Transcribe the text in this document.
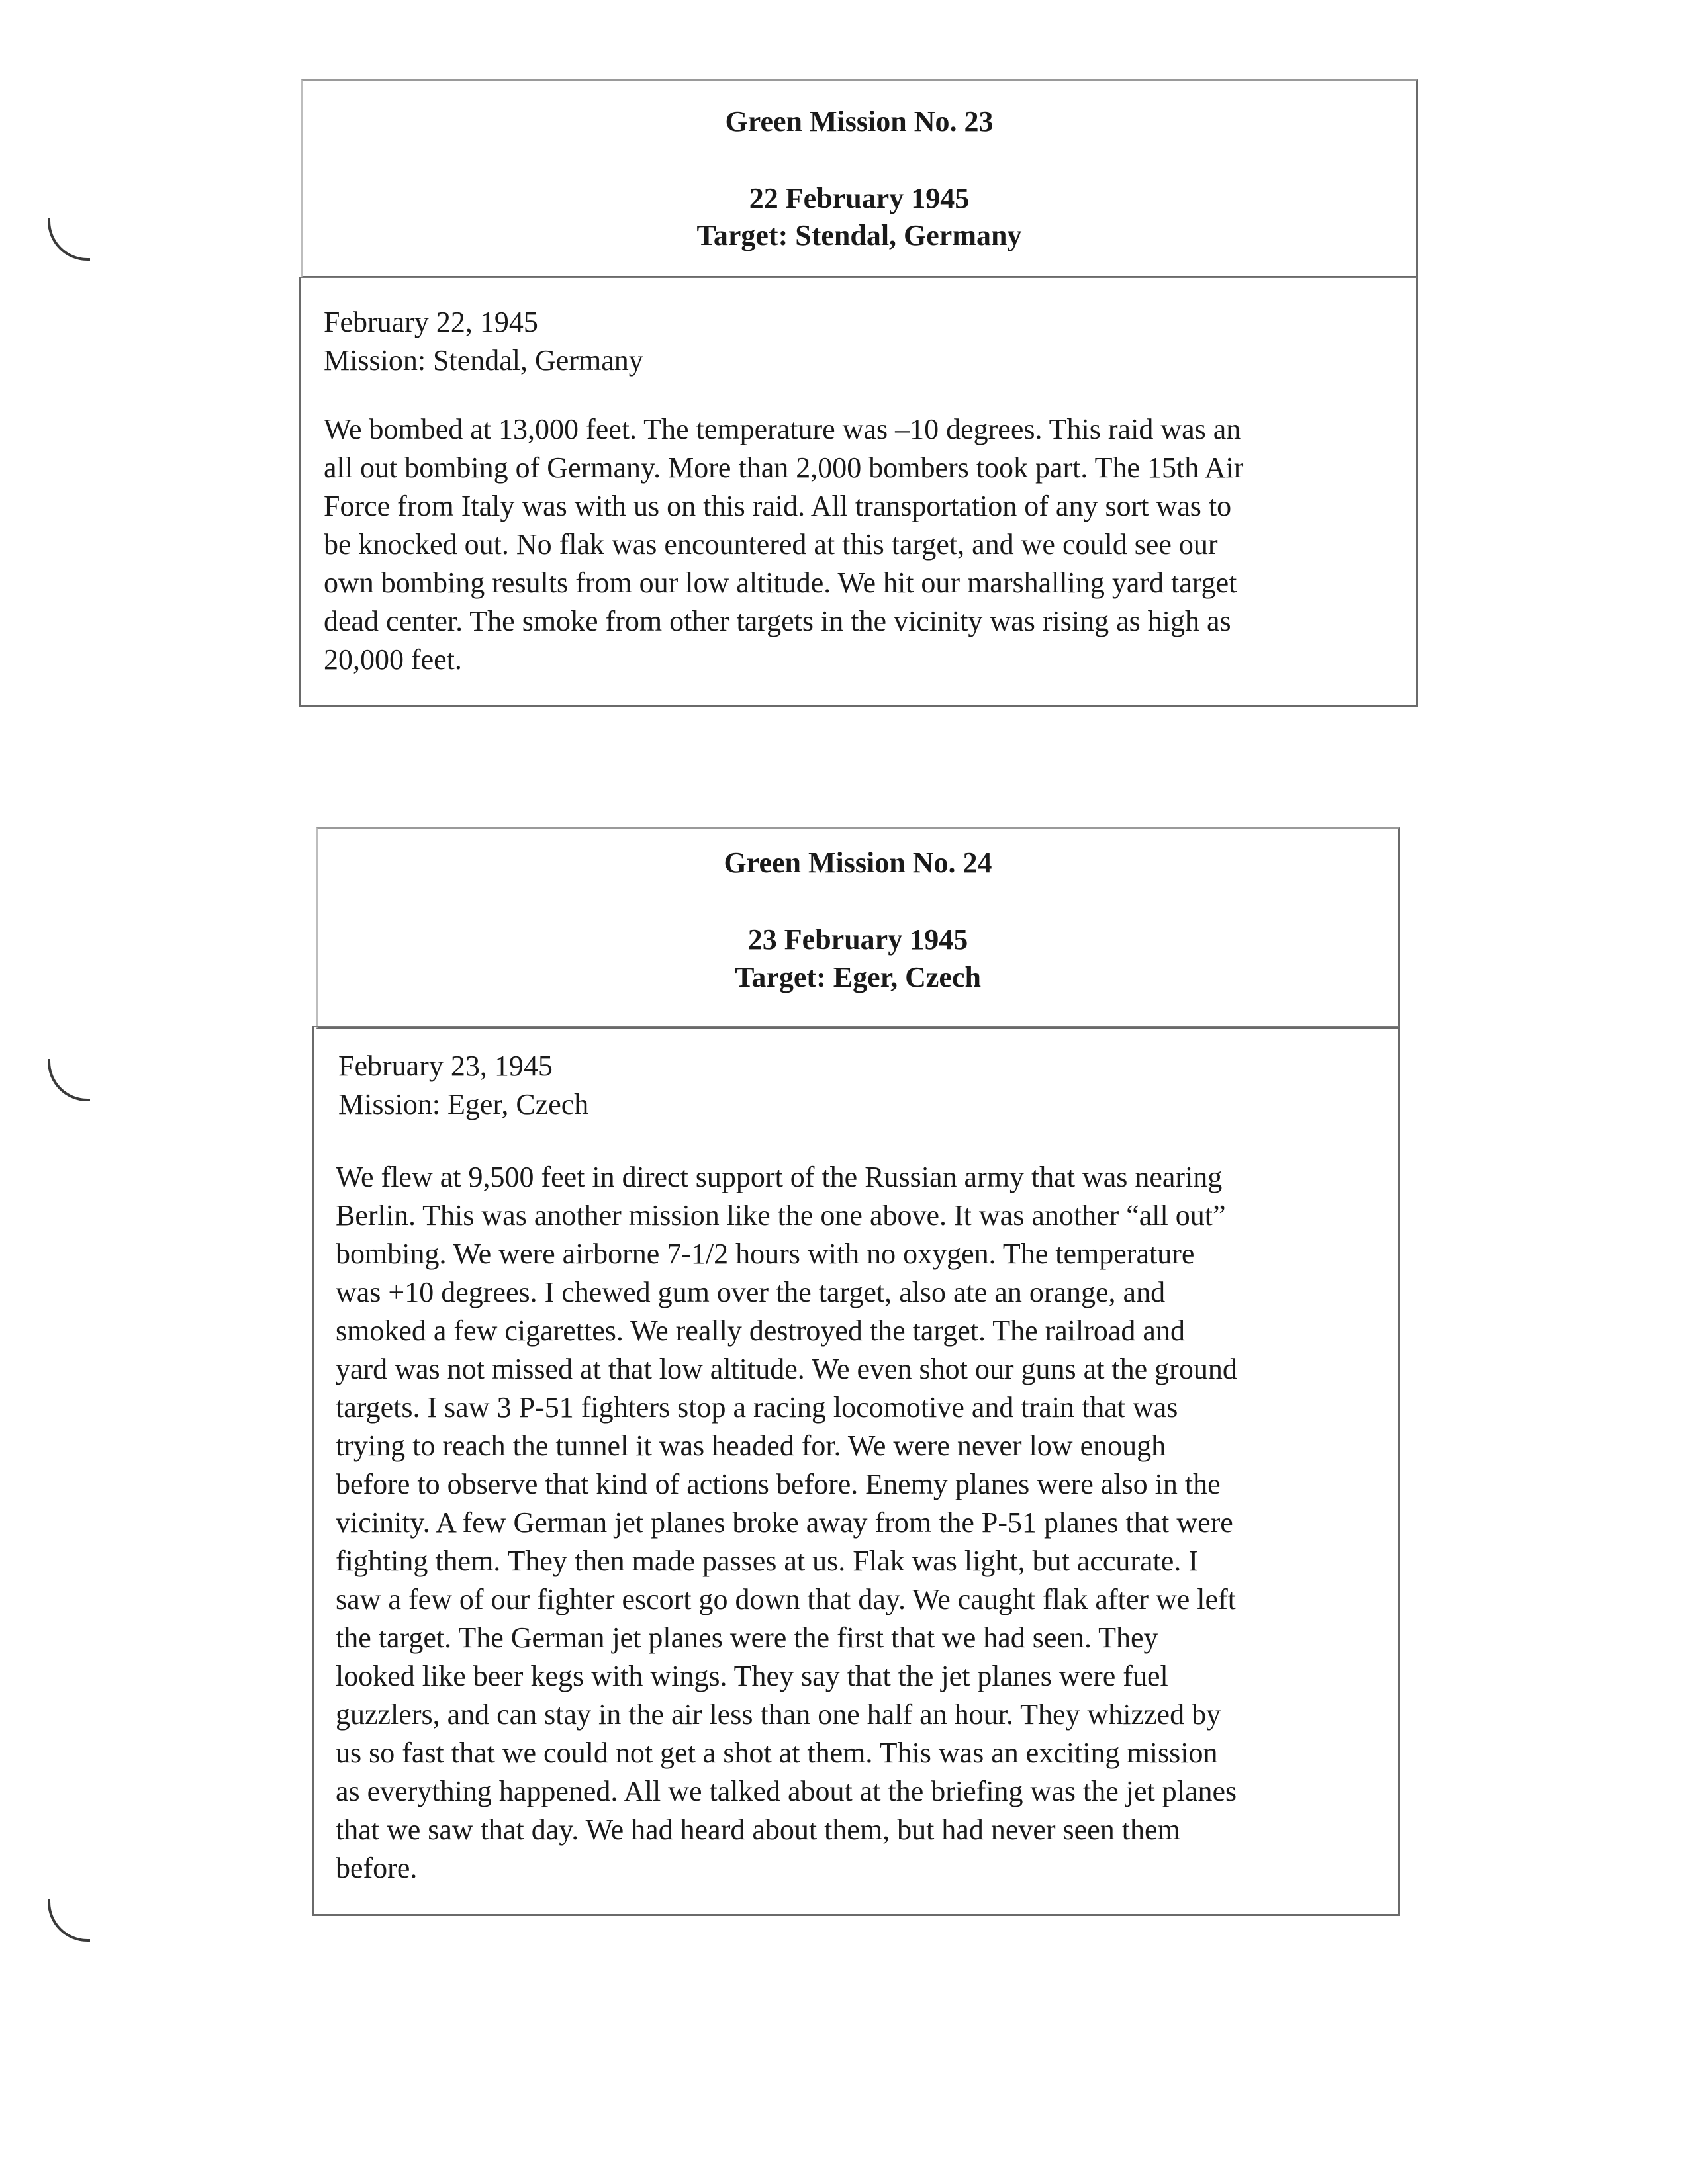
Green Mission No. 23
22 February 1945
Target: Stendal, Germany
February 22, 1945
Mission: Stendal, Germany
We bombed at 13,000 feet. The temperature was –10 degrees. This raid was an
all out bombing of Germany. More than 2,000 bombers took part. The 15th Air
Force from Italy was with us on this raid. All transportation of any sort was to
be knocked out. No flak was encountered at this target, and we could see our
own bombing results from our low altitude. We hit our marshalling yard target
dead center. The smoke from other targets in the vicinity was rising as high as
20,000 feet.
Green Mission No. 24
23 February 1945
Target: Eger, Czech
February 23, 1945
Mission: Eger, Czech
We flew at 9,500 feet in direct support of the Russian army that was nearing
Berlin. This was another mission like the one above. It was another “all out”
bombing. We were airborne 7-1/2 hours with no oxygen. The temperature
was +10 degrees. I chewed gum over the target, also ate an orange, and
smoked a few cigarettes. We really destroyed the target. The railroad and
yard was not missed at that low altitude. We even shot our guns at the ground
targets. I saw 3 P-51 fighters stop a racing locomotive and train that was
trying to reach the tunnel it was headed for. We were never low enough
before to observe that kind of actions before. Enemy planes were also in the
vicinity. A few German jet planes broke away from the P-51 planes that were
fighting them. They then made passes at us. Flak was light, but accurate. I
saw a few of our fighter escort go down that day. We caught flak after we left
the target. The German jet planes were the first that we had seen. They
looked like beer kegs with wings. They say that the jet planes were fuel
guzzlers, and can stay in the air less than one half an hour. They whizzed by
us so fast that we could not get a shot at them. This was an exciting mission
as everything happened. All we talked about at the briefing was the jet planes
that we saw that day. We had heard about them, but had never seen them
before.
